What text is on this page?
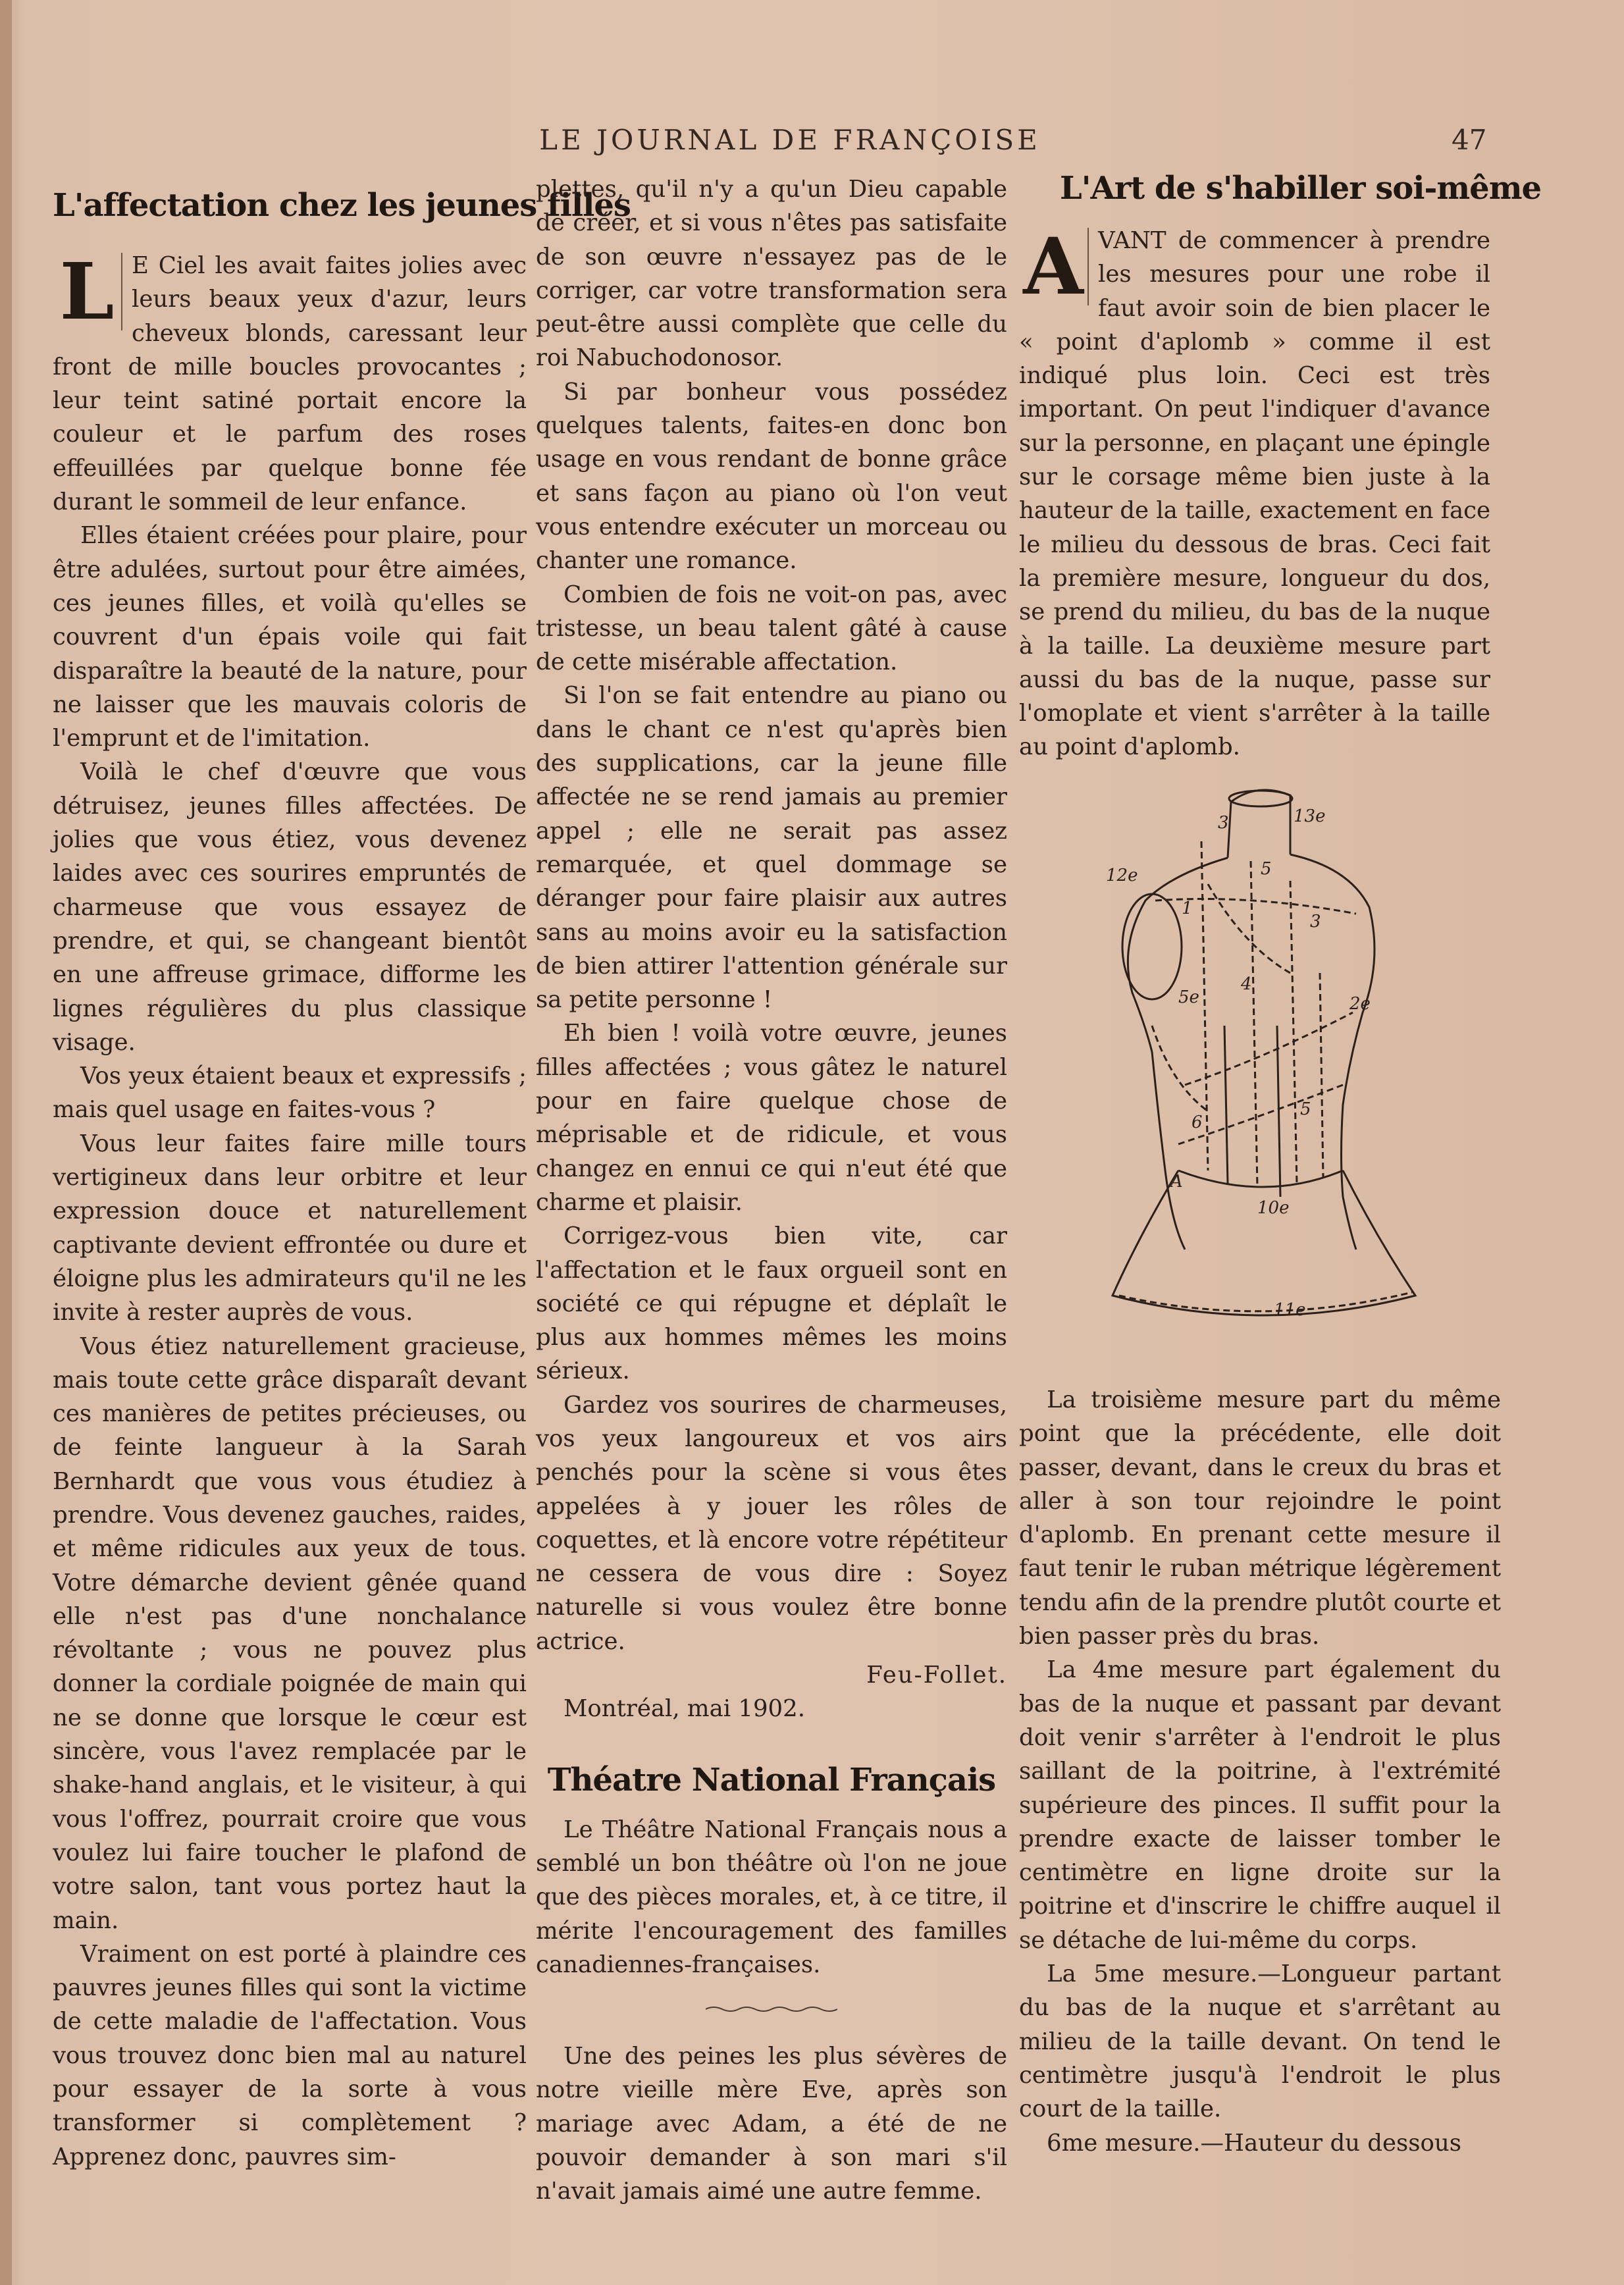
LE JOURNAL DE FRANÇOISE	47
L'affectation chez les jeunes filles

L E Ciel les avait faites jolies avec leurs beaux yeux d'azur, leurs cheveux blonds, caressant leur front de mille boucles provocantes ; leur teint satiné portait encore la couleur et le parfum des roses effeuillées par quelque bonne fée durant le sommeil de leur enfance.

Elles étaient créées pour plaire, pour être adulées, surtout pour être aimées, ces jeunes filles, et voilà qu'elles se couvrent d'un épais voile qui fait disparaître la beauté de la nature, pour ne laisser que les mauvais coloris de l'emprunt et de l'imitation.

Voilà le chef d'œuvre que vous détruisez, jeunes filles affectées. De jolies que vous étiez, vous devenez laides avec ces sourires empruntés de charmeuse que vous essayez de prendre, et qui, se changeant bientôt en une affreuse grimace, difforme les lignes régulières du plus classique visage.

Vos yeux étaient beaux et expressifs ; mais quel usage en faites-vous ?

Vous leur faites faire mille tours vertigineux dans leur orbitre et leur expression douce et naturellement captivante devient effrontée ou dure et éloigne plus les admirateurs qu'il ne les invite à rester auprès de vous.

Vous étiez naturellement gracieuse, mais toute cette grâce disparaît devant ces manières de petites précieuses, ou de feinte langueur à la Sarah Bernhardt que vous vous étudiez à prendre. Vous devenez gauches, raides, et même ridicules aux yeux de tous. Votre démarche devient gênée quand elle n'est pas d'une nonchalance révoltante ; vous ne pouvez plus donner la cordiale poignée de main qui ne se donne que lorsque le cœur est sincère, vous l'avez remplacée par le shake-hand anglais, et le visiteur, à qui vous l'offrez, pourrait croire que vous voulez lui faire toucher le plafond de votre salon, tant vous portez haut la main.

Vraiment on est porté à plaindre ces pauvres jeunes filles qui sont la victime de cette maladie de l'affectation. Vous vous trouvez donc bien mal au naturel pour essayer de la sorte à vous transformer si complètement ? Apprenez donc, pauvres sim-

plettes, qu'il n'y a qu'un Dieu capable de créer, et si vous n'êtes pas satisfaite de son œuvre n'essayez pas de le corriger, car votre transformation sera peut-être aussi complète que celle du roi Nabuchodonosor.

Si par bonheur vous possédez quelques talents, faites-en donc bon usage en vous rendant de bonne grâce et sans façon au piano où l'on veut vous entendre exécuter un morceau ou chanter une romance.

Combien de fois ne voit-on pas, avec tristesse, un beau talent gâté à cause de cette misérable affectation.

Si l'on se fait entendre au piano ou dans le chant ce n'est qu'après bien des supplications, car la jeune fille affectée ne se rend jamais au premier appel ; elle ne serait pas assez remarquée, et quel dommage se déranger pour faire plaisir aux autres sans au moins avoir eu la satisfaction de bien attirer l'attention générale sur sa petite personne !

Eh bien ! voilà votre œuvre, jeunes filles affectées ; vous gâtez le naturel pour en faire quelque chose de méprisable et de ridicule, et vous changez en ennui ce qui n'eut été que charme et plaisir.

Corrigez-vous bien vite, car l'affectation et le faux orgueil sont en société ce qui répugne et déplaît le plus aux hommes mêmes les moins sérieux.

Gardez vos sourires de charmeuses, vos yeux langoureux et vos airs penchés pour la scène si vous êtes appelées à y jouer les rôles de coquettes, et là encore votre répétiteur ne cessera de vous dire : Soyez naturelle si vous voulez être bonne actrice.

Feu-Follet.

Montréal, mai 1902.

Théatre National Français

Le Théâtre National Français nous a semblé un bon théâtre où l'on ne joue que des pièces morales, et, à ce titre, il mérite l'encouragement des familles canadiennes-françaises.

Une des peines les plus sévères de notre vieille mère Eve, après son mariage avec Adam, a été de ne pouvoir demander à son mari s'il n'avait jamais aimé une autre femme.

L'Art de s'habiller soi-même

A VANT de commencer à prendre les mesures pour une robe il faut avoir soin de bien placer le « point d'aplomb » comme il est indiqué plus loin. Ceci est très important. On peut l'indiquer d'avance sur la personne, en plaçant une épingle sur le corsage même bien juste à la hauteur de la taille, exactement en face le milieu du dessous de bras. Ceci fait la première mesure, longueur du dos, se prend du milieu, du bas de la nuque à la taille. La deuxième mesure part aussi du bas de la nuque, passe sur l'omoplate et vient s'arrêter à la taille au point d'aplomb.

13e
3
12e
1
5
3
4
2e
5e
6
5
A
10e
11e

La troisième mesure part du même point que la précédente, elle doit passer, devant, dans le creux du bras et aller à son tour rejoindre le point d'aplomb. En prenant cette mesure il faut tenir le ruban métrique légèrement tendu afin de la prendre plutôt courte et bien passer près du bras.

La 4me mesure part également du bas de la nuque et passant par devant doit venir s'arrêter à l'endroit le plus saillant de la poitrine, à l'extrémité supérieure des pinces. Il suffit pour la prendre exacte de laisser tomber le centimètre en ligne droite sur la poitrine et d'inscrire le chiffre auquel il se détache de lui-même du corps.

La 5me mesure.—Longueur partant du bas de la nuque et s'arrêtant au milieu de la taille devant. On tend le centimètre jusqu'à l'endroit le plus court de la taille.

6me mesure.—Hauteur du dessous
